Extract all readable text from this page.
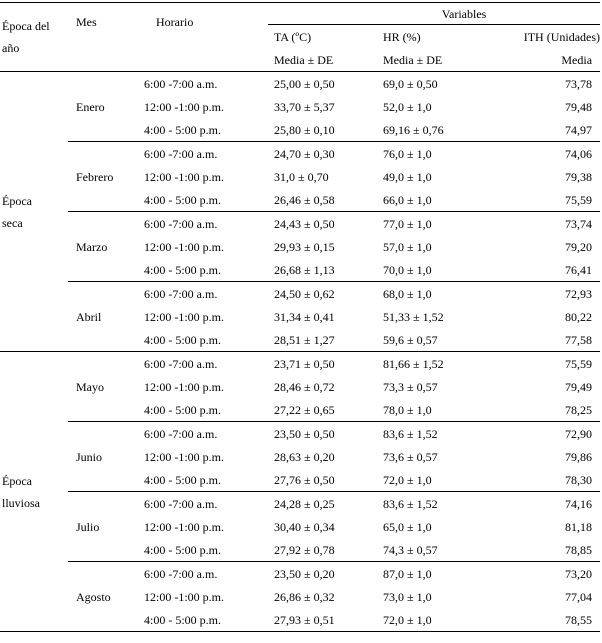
Época del año	Mes	Horario	Variables		
			TA (ºC)	HR (%)	ITH (Unidades)
			Media ± DE	Media ± DE	Media

Época
seca	Enero	6:00 -7:00 a.m.	25,00 ± 0,50	69,0 ± 0,50	73,78
		12:00 -1:00 p.m.	33,70 ± 5,37	52,0 ± 1,0	79,48
		4:00 - 5:00 p.m.	25,80 ± 0,10	69,16 ± 0,76	74,97
	Febrero	6:00 -7:00 a.m.	24,70 ± 0,30	76,0 ± 1,0	74,06
		12:00 -1:00 p.m.	31,0 ± 0,70	49,0 ± 1,0	79,38
		4:00 - 5:00 p.m.	26,46 ± 0,58	66,0 ± 1,0	75,59
	Marzo	6:00 -7:00 a.m.	24,43 ± 0,50	77,0 ± 1,0	73,74
		12:00 -1:00 p.m.	29,93 ± 0,15	57,0 ± 1,0	79,20
		4:00 - 5:00 p.m.	26,68 ± 1,13	70,0 ± 1,0	76,41
	Abril	6:00 -7:00 a.m.	24,50 ± 0,62	68,0 ± 1,0	72,93
		12:00 -1:00 p.m.	31,34 ± 0,41	51,33 ± 1,52	80,22
		4:00 - 5:00 p.m.	28,51 ± 1,27	59,6 ± 0,57	77,58

Época
lluviosa	Mayo	6:00 -7:00 a.m.	23,71 ± 0,50	81,66 ± 1,52	75,59
		12:00 -1:00 p.m.	28,46 ± 0,72	73,3 ± 0,57	79,49
		4:00 - 5:00 p.m.	27,22 ± 0,65	78,0 ± 1,0	78,25
	Junio	6:00 -7:00 a.m.	23,50 ± 0,50	83,6 ± 1,52	72,90
		12:00 -1:00 p.m.	28,63 ± 0,20	73,6 ± 0,57	79,86
		4:00 - 5:00 p.m.	27,76 ± 0,50	72,0 ± 1,0	78,30
	Julio	6:00 -7:00 a.m.	24,28 ± 0,25	83,6 ± 1,52	74,16
		12:00 -1:00 p.m.	30,40 ± 0,34	65,0 ± 1,0	81,18
		4:00 - 5:00 p.m.	27,92 ± 0,78	74,3 ± 0,57	78,85
	Agosto	6:00 -7:00 a.m.	23,50 ± 0,20	87,0 ± 1,0	73,20
		12:00 -1:00 p.m.	26,86 ± 0,32	73,0 ± 1,0	77,04
		4:00 - 5:00 p.m.	27,93 ± 0,51	72,0 ± 1,0	78,55
